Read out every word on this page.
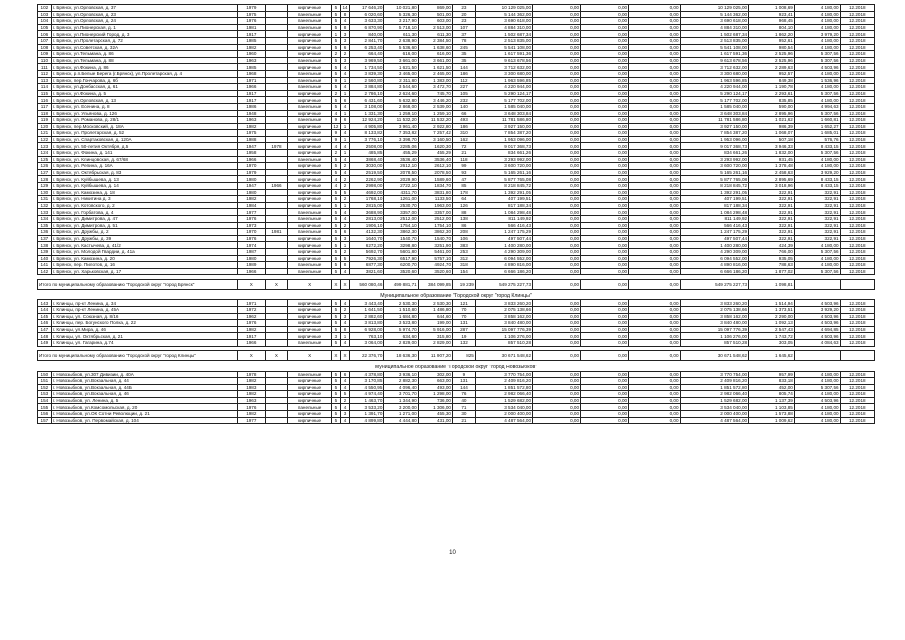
102	г. Брянск, ул.Орловская, д. 37	1979		кирпичные	5	14	17 646,20	10 021,80	869,00	23	10 129 025,00	0,00	0,00	0,00	10 129 025,00	1 008,69	4 180,00	12.2018
103	г. Брянск, ул.Орловская, д. 23	1975		панельные	5	8	6 020,60	5 326,30	501,00	20	5 144 362,00	0,00	0,00	0,00	5 144 362,00	923,41	4 180,00	12.2018
104	г. Брянск, ул.Орловская, д. 24	1976		панельные	5	4	3 633,30	3 217,90	603,00	23	3 690 618,00	0,00	0,00	0,00	3 690 618,00	968,45	4 180,00	12.2018
105	г. Брянск, ул.Пионерская, д. 1	1981		панельные	5	8	6 870,90	5 718,10	2 513,00	107	4 884 310,00	0,00	0,00	0,00	4 884 310,00	804,10	4 180,00	12.2018
106	г. Брянск, ул.Пионерский Город, д. 3	1917		кирпичные	1	3	840,00	611,30	611,30	37	1 502 687,34	0,00	0,00	0,00	1 502 687,34	1 862,20	3 979,20	12.2018
107	г. Брянск, ул.Пролетарская, д. 72	1985		кирпичные	5	3	2 841,70	2 638,90	2 384,50	78	2 513 835,00	0,00	0,00	0,00	2 513 835,00	952,61	4 180,00	12.2018
108	г. Брянск, ул.Советская, д. 32А	1982		кирпичные	5	6	6 253,40	5 536,60	1 638,60	245	5 541 108,00	0,00	0,00	0,00	5 541 108,00	980,54	4 180,00	12.2018
109	г. Брянск, ул.Тельмана, д. 86	1960		кирпичные	2	2	664,40	616,00	616,00	35	1 617 591,36	0,00	0,00	0,00	1 617 591,36	2 525,96	5 307,56	12.2018
110	г. Брянск, ул.Тельмана, д. 88	1963		панельные	5	3	3 969,50	3 661,00	3 661,00	35	9 613 678,56	0,00	0,00	0,00	9 613 678,56	2 525,96	5 307,56	12.2018
111	г. Брянск, ул.Фокина, д. 86	1985		кирпичные	5	4	1 734,50	1 621,50	1 621,50	144	3 712 632,00	0,00	0,00	0,00	3 712 632,00	2 289,63	4 503,96	12.2018
112	г. Брянск, р.п.Белые Берега (г.Брянск), ул.Пролетарская, д. 4	1968		панельные	5	4	3 839,30	3 465,00	2 465,00	186	3 300 680,00	0,00	0,00	0,00	3 300 680,00	952,57	4 180,00	12.2018
113	г. Брянск, пер.Гончарова, д. 6б	1971		панельные	9	1	2 560,80	2 311,80	1 383,00	112	1 963 596,85	0,00	0,00	0,00	1 963 596,85	849,38	1 536,96	12.2018
114	г. Брянск, ул.Донбасская, д. 61	1966		панельные	5	4	3 884,80	3 544,60	3 472,70	227	4 220 944,00	0,00	0,00	0,00	4 220 944,00	1 190,78	4 180,00	12.2018
115	г. Брянск, ул.Фокина, д. 5	1917		кирпичные	2	1	2 786,10	2 624,60	745,70	105	5 290 124,17	0,00	0,00	0,00	5 290 124,17	2 293,61	5 307,56	12.2018
116	г. Брянск, ул.Орловская, д. 13	1917		кирпичные	5	6	6 431,60	5 632,80	3 446,20	232	5 177 702,00	0,00	0,00	0,00	5 177 702,00	835,85	4 180,00	12.2018
117	г. Брянск, ул. Есенина, д. 8	1986		панельные	5	4	3 108,00	2 868,00	2 539,00	140	1 585 040,00	0,00	0,00	0,00	1 585 040,00	590,00	4 994,63	12.2018
118	г. Брянск, ул. Ульянова, д. 126	1948		кирпичные	4	1	1 331,30	1 259,10	1 259,10	66	3 648 303,84	0,00	0,00	0,00	3 648 303,84	2 895,96	5 307,56	12.2018
119	г. Брянск, ул. Романова, д. 28/1	1963		панельные	9	6	12 924,20	11 532,20	11 532,20	493	11 781 586,80	0,00	0,00	0,00	11 781 586,80	1 021,62	1 660,81	12.2018
120	г. Брянск, пер.Московский, д. 18А	1982		кирпичные	12	1	4 905,80	3 961,40	2 922,80	186	3 927 150,00	0,00	0,00	0,00	3 927 150,00	986,39	1 652,27	12.2018
121	г. Брянск, ул. Пролетарская, д. 52	1975		кирпичные	9	4	8 133,82	7 353,82	7 257,42	310	7 854 387,20	0,00	0,00	0,00	7 854 387,20	1 068,07	1 685,01	12.2018
122	г. Брянск, ул. Спартаковская, д. 120А	1988		кирпичные	9	1	3 776,10	3 398,70	3 160,50	162	1 953 096,00	0,00	0,00	0,00	1 953 096,00	507,18	576,76	12.2018
123	г. Брянск, ул. 50-летия Октября, д.5	1947	1978	кирпичные	4	4	2508,00	2285,06	1620,30	72	9 017 368,73	0,00	0,00	0,00	9 017 368,73	3 946,33	8 433,15	12.2018
124	г. Брянск, ул. Фокина, д. 141	1958		кирпичные	2	1	485,85	455,29	455,29	21	834 661,26	0,00	0,00	0,00	834 661,26	1 832,00	5 307,56	12.2018
125	г. Брянск, ул. Клинцовская, д. 67/68	1966		панельные	5	4	3868,40	3536,40	3536,40	118	3 293 992,00	0,00	0,00	0,00	3 293 992,00	931,45	4 180,00	12.2018
126	г. Брянск, ул. Репина, д. 16А	1970		кирпичные	5	2	3030,00	2612,10	2612,10	99	3 600 720,00	0,00	0,00	0,00	3 600 720,00	1 378,48	4 180,00	12.2018
127	г. Брянск, ул. Октябрьская, д. 83	1979		кирпичные	5	4	2519,50	2078,50	2078,50	93	5 165 261,16	0,00	0,00	0,00	5 165 261,16	2 458,63	3 929,20	12.2018
128	г. Брянск, ул. Куйбышева, д. 13	1980		кирпичные	4	2	2262,90	2029,90	1589,60	47	5 877 765,08	0,00	0,00	0,00	5 877 765,08	2 895,69	8 433,15	12.2018
129	г. Брянск, ул. Куйбышева, д. 14	1947	1966	кирпичные	4	2	2998,00	2722,10	1834,70	85	8 218 845,72	0,00	0,00	0,00	8 218 845,72	3 018,96	8 433,15	12.2018
130	г. Брянск, ул. Камозина, д. 18	1980		кирпичные	5	5	4692,00	4311,70	3831,80	178	1 392 291,05	0,00	0,00	0,00	1 392 291,05	322,91	322,91	12.2018
131	г. Брянск, ул. Никитина д. 3	1982		кирпичные	5	2	1768,10	1261,00	1133,50	64	407 199,51	0,00	0,00	0,00	407 199,51	322,91	322,91	12.2018
132	г. Брянск, ул. Котовского, д. 2	1984		кирпичные	5	1	2815,00	2530,70	1963,00	126	817 188,34	0,00	0,00	0,00	817 188,34	322,91	322,91	12.2018
133	г. Брянск, ул. Горбатова, д. 4	1977		панельные	5	4	3688,90	3357,00	3357,00	88	1 084 298,48	0,00	0,00	0,00	1 084 298,48	322,91	322,91	12.2018
134	г. Брянск, ул. Димитрова, д. 47	1976		панельные	5	4	2813,00	2512,00	2512,00	138	811 149,92	0,00	0,00	0,00	811 149,92	322,91	322,91	12.2018
135	г. Брянск, ул. Димитрова, д. 51	1973		кирпичные	5	2	1906,10	1754,10	1754,10	86	566 416,43	0,00	0,00	0,00	566 416,43	322,91	322,91	12.2018
136	г. Брянск, ул. Дружбы, д. 2	1970	1981	панельные	5	6	4132,30	3862,30	3862,30	208	1 247 175,29	0,00	0,00	0,00	1 247 175,29	322,91	322,91	12.2018
137	г. Брянск, ул. Дружбы, д. 39	1976		кирпичные	5	3	1640,70	1540,70	1540,70	106	497 507,44	0,00	0,00	0,00	497 507,44	322,91	322,91	12.2018
138	г. Брянск, ул. Кастычева, д. 41/2	1974		кирпичные	5	1	6272,20	3298,80	3251,90	383	1 400 280,00	0,00	0,00	0,00	1 400 280,00	424,39	4 180,00	12.2018
139	г. Брянск, ул. Молодой Гвардии, д. 41а	1987		кирпичные	5	2	5692,70	5601,80	5461,00	253	4 290 309,00	0,00	0,00	0,00	4 290 309,00	766,00	5 307,56	12.2018
140	г. Брянск, ул. Камозина, д. 20	1980		кирпичные	5	5	7926,30	6517,90	5757,10	312	6 094 552,00	0,00	0,00	0,00	6 094 552,00	935,05	4 180,00	12.2018
141	г. Брянск, пер. Пилотов, д. 16	1989		панельные	5	8	6877,30	6200,70	4924,70	318	4 890 816,00	0,00	0,00	0,00	4 890 816,00	788,63	4 180,00	12.2018
142	г. Брянск, ул. Харьковская, д. 17	1966		панельные	5	4	3821,60	3520,60	3520,60	154	6 666 186,20	0,00	0,00	0,00	6 666 186,20	1 877,02	5 307,56	12.2018

Итого по муниципальному образованию "Городской округ "город Брянск"		X	X	X	X	X	560 080,46	499 881,71	384 099,85	19 239	549 275 227,73	0,00	0,00	0,00	549 275 227,73	1 098,81		

Муниципальное образование "Городской округ "город Клинцы"																		
143	г. Клинцы, пр-кт Ленина, д. 34	1971		кирпичные	5	4	3 443,40	2 530,30	2 530,30	121	3 833 260,20	0,00	0,00	0,00	3 833 260,20	1 514,94	4 503,96	12.2018
144	г. Клинцы, пр-кт Ленина, д. 45А	1972		кирпичные	5	2	1 641,50	1 510,80	1 486,80	70	2 075 138,66	0,00	0,00	0,00	2 075 138,66	1 373,51	3 929,20	12.2018
145	г. Клинцы, ул. Союзная, д. 8/16	1962		кирпичные	5	3	2 882,60	1 684,80	644,60	70	3 858 162,00	0,00	0,00	0,00	3 858 162,00	2 290,00	4 503,96	12.2018
146	г. Клинцы, пер. Богунского Полка, д. 22	1976		кирпичные	5	4	3 813,80	3 523,80	199,00	131	3 840 480,00	0,00	0,00	0,00	3 840 480,00	1 092,13	4 503,96	12.2018
147	г. Клинцы, ул.Мира, д. 46	1982		кирпичные	5	8	6 928,00	5 974,70	5 916,00	287	15 097 776,39	0,00	0,00	0,00	15 097 776,39	2 547,43	4 694,85	12.2018
148	г. Клинцы, ул. Октябрьская, д. 21	1917		кирпичные	3	1	763,10	634,60	315,80	19	1 106 276,00	0,00	0,00	0,00	1 106 276,00	1 743,72	4 503,96	12.2018
149	г. Клинцы, ул. Гагарина, д.74	1966		панельные	5	4	3 064,00	2 829,00	2 829,00	132	857 510,28	0,00	0,00	0,00	857 510,28	303,05	4 084,63	12.2018

Итого по муниципальному образованию "Городской округ "город Клинцы"		X	X	X	X	X	22 376,70	18 636,30	11 907,20	825	30 671 548,62	0,00	0,00	0,00	30 671 548,62	1 645,62		

Муниципальное образование "Городской округ "город Новозыбков"																		
150	г. Новозыбков, ул.307 Дивизии, д. 40А	1978		панельные	5	6	4 378,80	3 936,10	302,00	9	3 770 754,00	0,00	0,00	0,00	3 770 754,00	957,99	4 180,00	12.2018
151	г. Новозыбков, ул.Вокзальная, д. 44	1982		кирпичные	5	4	3 170,85	2 882,30	663,00	131	2 409 816,20	0,00	0,00	0,00	2 409 816,20	833,18	4 180,00	12.2018
152	г. Новозыбков, ул.Вокзальная, д. 44Б	1983		кирпичные	5	4	4 550,95	4 096,40	493,00	144	1 851 572,80	0,00	0,00	0,00	1 851 572,80	452,00	5 307,56	12.2018
153	г. Новозыбков, ул.Вокзальная, д. 46	1982		кирпичные	5	5	4 974,40	3 701,70	1 298,00	76	2 982 066,40	0,00	0,00	0,00	2 982 066,40	805,74	4 180,00	12.2018
154	г. Новозыбков, ул. Ленина, д. 5	1963		кирпичные	5	2	1 463,70	1 344,90	736,00	40	1 529 682,00	0,00	0,00	0,00	1 529 682,00	1 137,39	4 503,96	12.2018
155	г. Новозыбков, ул.Комсомольская, д. 20	1976		панельные	5	4	3 533,20	3 200,00	1 306,00	71	3 534 040,00	0,00	0,00	0,00	3 534 040,00	1 103,85	4 180,00	12.2018
156	г. Новозыбков, ул.ОК Сотни Революции, д. 21	1982		кирпичные	5	3	1 391,70	1 271,00	455,30	30	2 000 400,00	0,00	0,00	0,00	2 000 400,00	1 573,88	4 180,00	12.2018
157	г. Новозыбков, ул. Первомайская, д. 104	1977		кирпичные	5	4	4 899,80	4 444,80	431,00	21	4 487 564,00	0,00	0,00	0,00	4 487 564,00	1 009,62	4 180,00	12.2018
10
